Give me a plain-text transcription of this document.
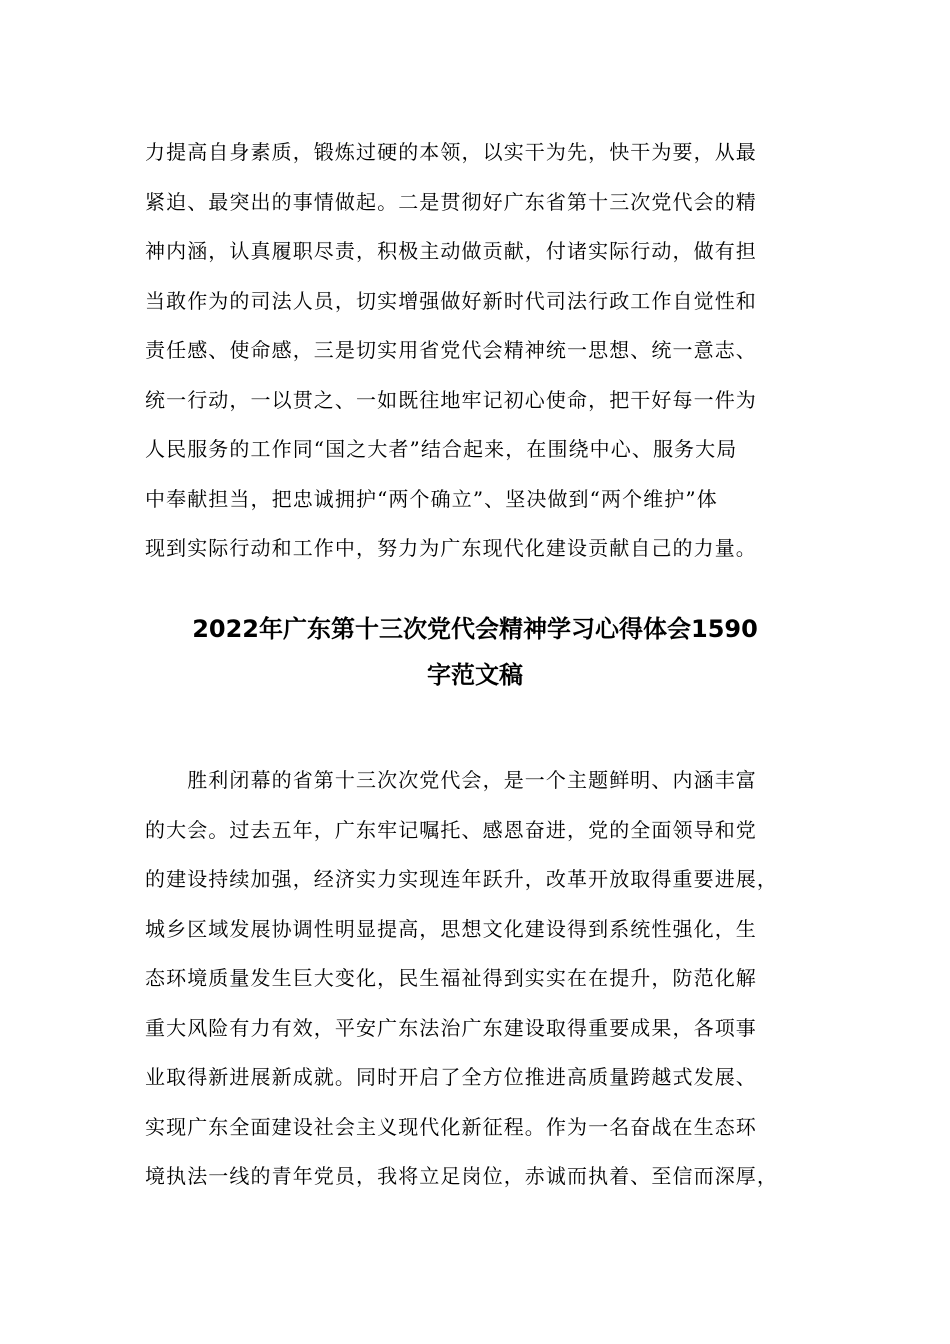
力提高自身素质，锻炼过硬的本领，以实干为先，快干为要，从最
紧迫、最突出的事情做起。二是贯彻好广东省第十三次党代会的精
神内涵，认真履职尽责，积极主动做贡献，付诸实际行动，做有担
当敢作为的司法人员，切实增强做好新时代司法行政工作自觉性和
责任感、使命感，三是切实用省党代会精神统一思想、统一意志、
统一行动，一以贯之、一如既往地牢记初心使命，把干好每一件为
人民服务的工作同“国之大者”结合起来，在围绕中心、服务大局
中奉献担当，把忠诚拥护“两个确立”、坚决做到“两个维护”体
现到实际行动和工作中，努力为广东现代化建设贡献自己的力量。
2022年广东第十三次党代会精神学习心得体会1590
字范文稿
　　胜利闭幕的省第十三次次党代会，是一个主题鲜明、内涵丰富
的大会。过去五年，广东牢记嘱托、感恩奋进，党的全面领导和党
的建设持续加强，经济实力实现连年跃升，改革开放取得重要进展，
城乡区域发展协调性明显提高，思想文化建设得到系统性强化，生
态环境质量发生巨大变化，民生福祉得到实实在在提升，防范化解
重大风险有力有效，平安广东法治广东建设取得重要成果，各项事
业取得新进展新成就。同时开启了全方位推进高质量跨越式发展、
实现广东全面建设社会主义现代化新征程。作为一名奋战在生态环
境执法一线的青年党员，我将立足岗位，赤诚而执着、至信而深厚，
